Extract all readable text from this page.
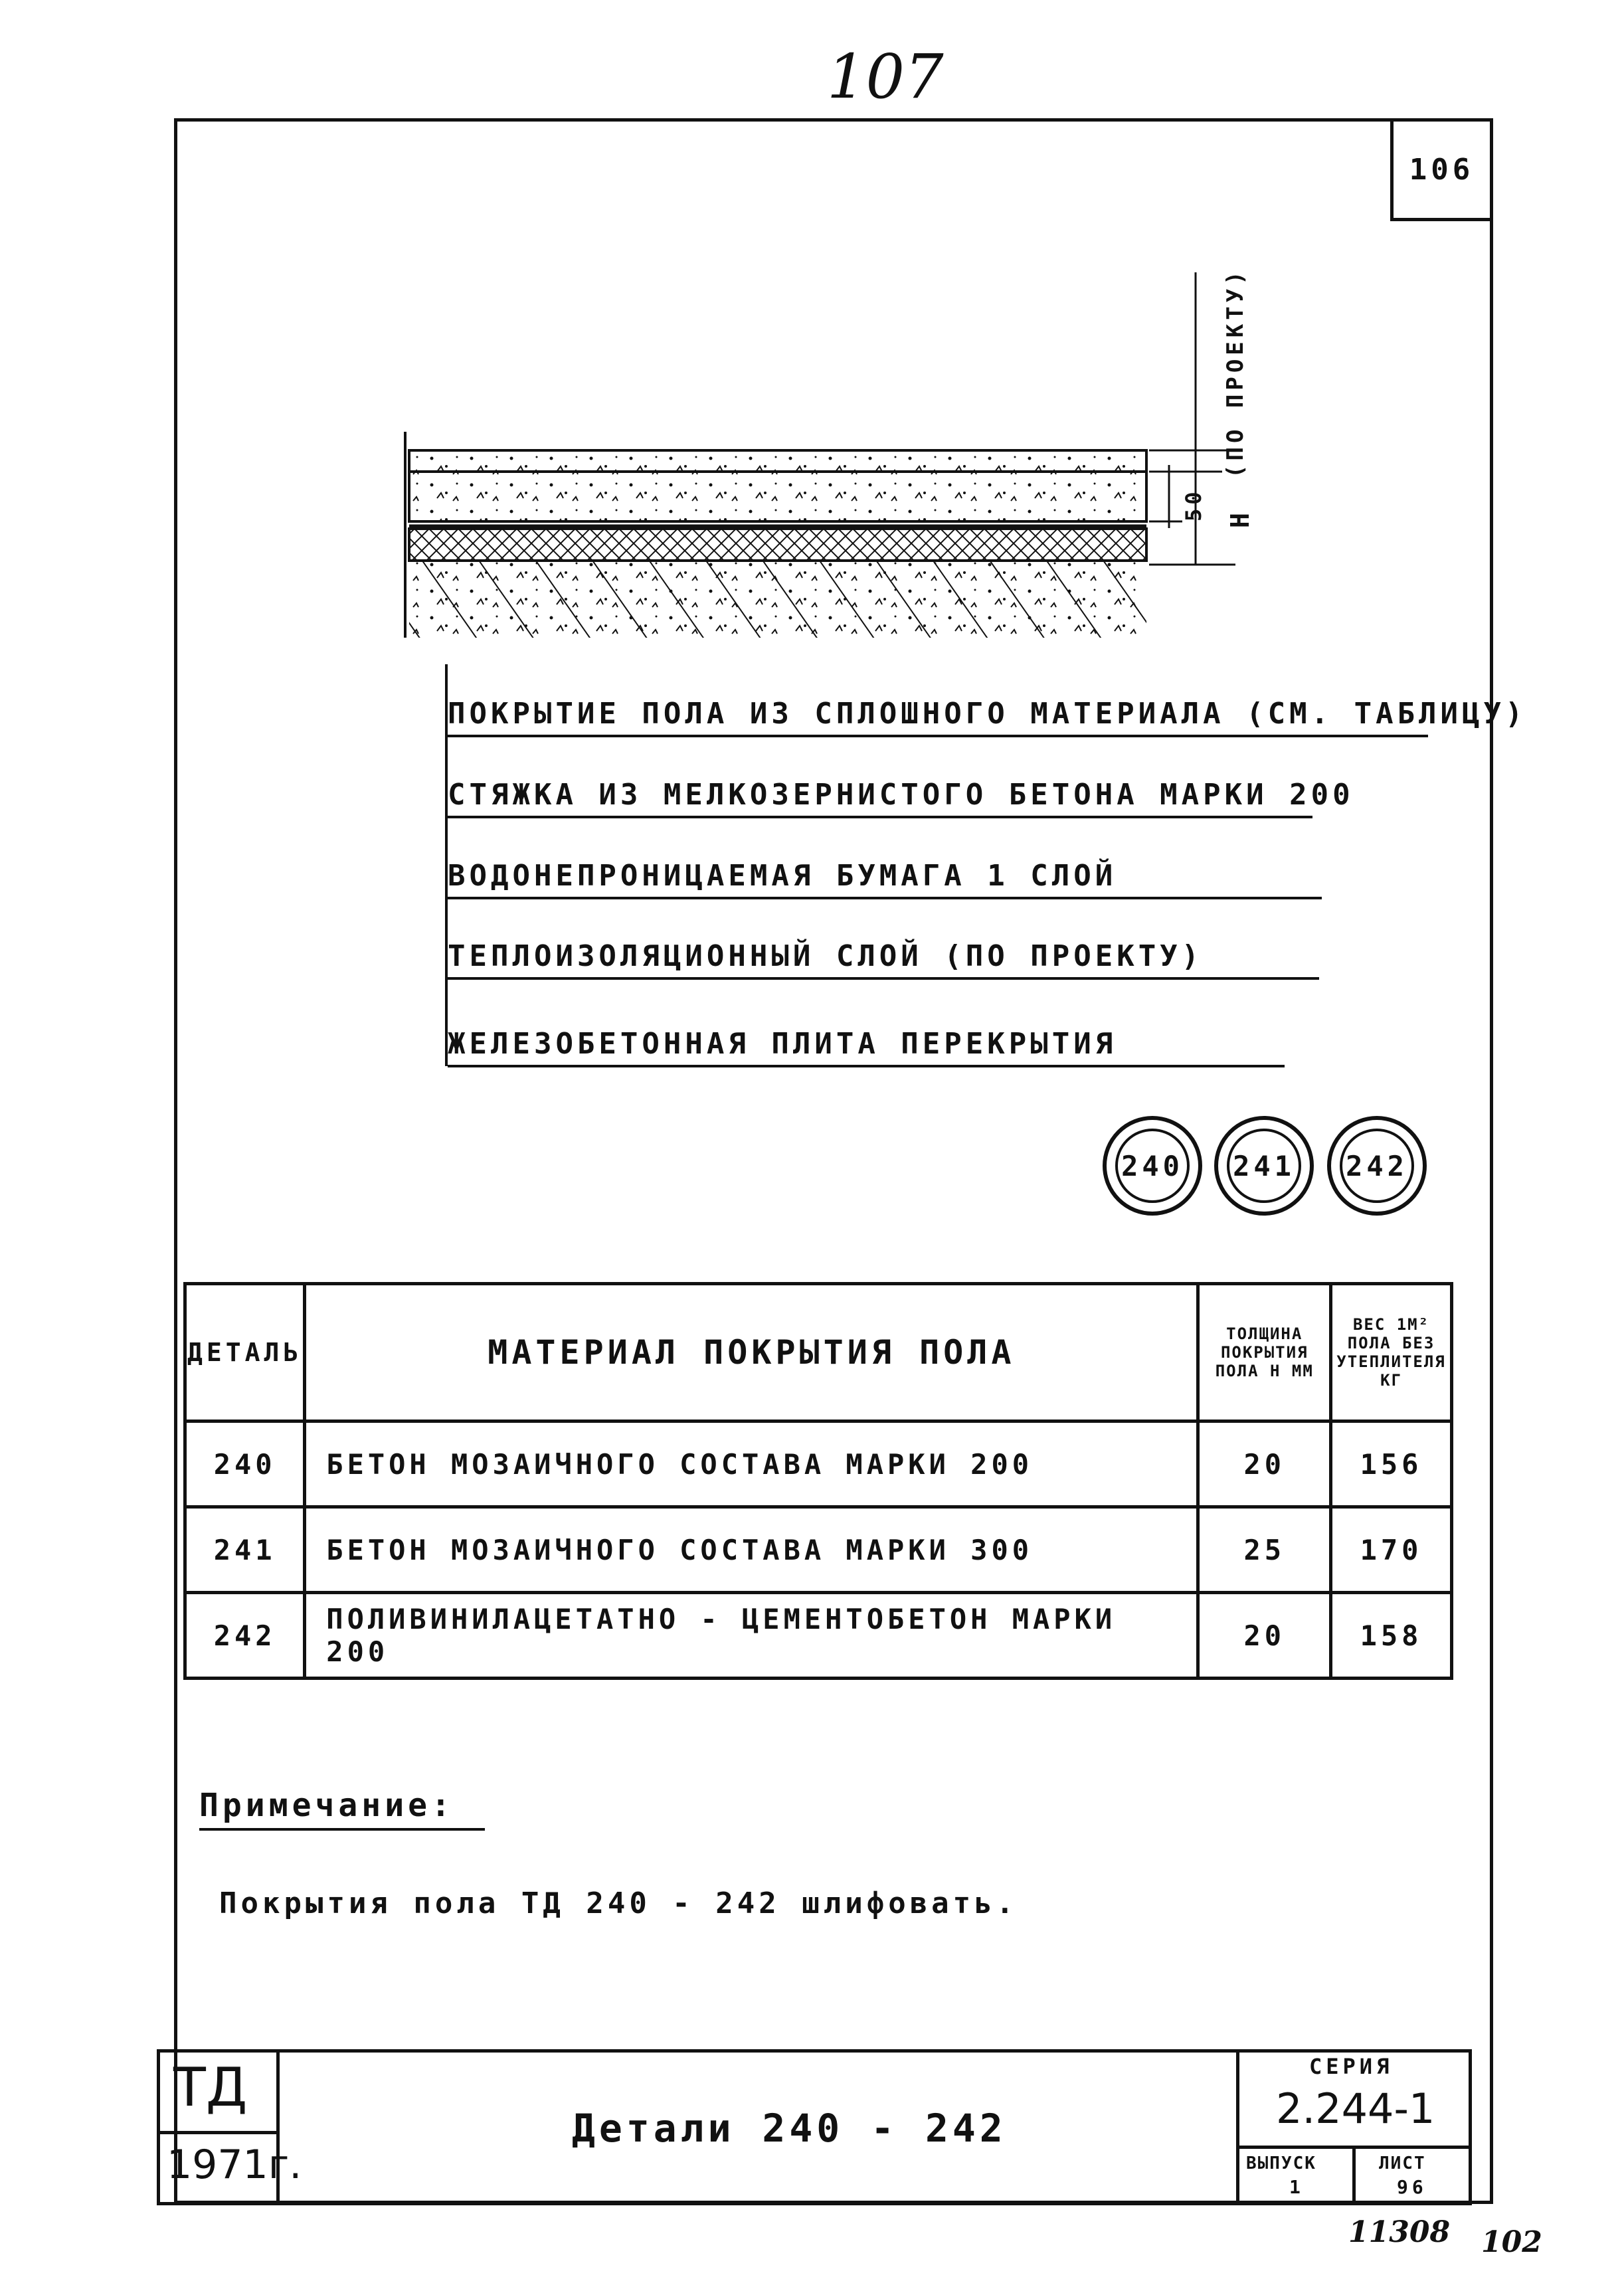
107
106
(ПО ПРОЕКТУ)
50 Н
ПОКРЫТИЕ ПОЛА ИЗ СПЛОШНОГО МАТЕРИАЛА (СМ. ТАБЛИЦУ)
СТЯЖКА ИЗ МЕЛКОЗЕРНИСТОГО БЕТОНА МАРКИ 200
ВОДОНЕПРОНИЦАЕМАЯ БУМАГА 1 СЛОЙ
ТЕПЛОИЗОЛЯЦИОННЫЙ СЛОЙ (ПО ПРОЕКТУ)
ЖЕЛЕЗОБЕТОННАЯ ПЛИТА ПЕРЕКРЫТИЯ
240 241 242
ДЕТАЛЬ	МАТЕРИАЛ ПОКРЫТИЯ ПОЛА	ТОЛЩИНА ПОКРЫТИЯ ПОЛА H ММ	ВЕС 1М² ПОЛА БЕЗ УТЕПЛИТЕЛЯ КГ
240	БЕТОН МОЗАИЧНОГО СОСТАВА МАРКИ 200	20	156
241	БЕТОН МОЗАИЧНОГО СОСТАВА МАРКИ 300	25	170
242	ПОЛИВИНИЛАЦЕТАТНО - ЦЕМЕНТОБЕТОН МАРКИ 200	20	158
Примечание:
Покрытия пола ТД 240 - 242 шлифовать.
ТД
1971г.
Детали 240 - 242
СЕРИЯ
2.244-1
ВЫПУСК
1
ЛИСТ
96
11308 102
